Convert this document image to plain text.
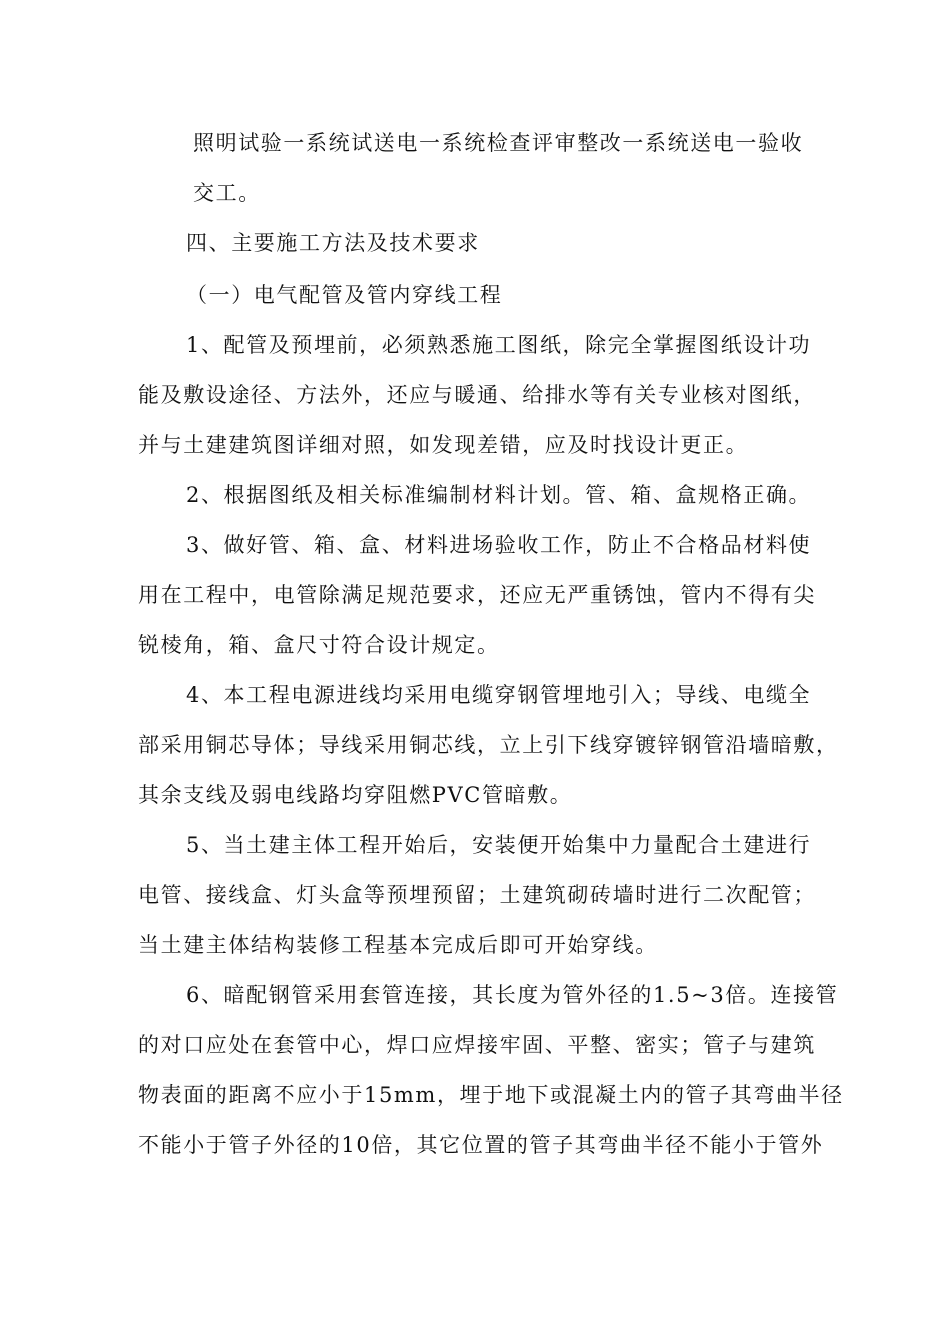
照明试验一系统试送电一系统检查评审整改一系统送电一验收
交工。
四、主要施工方法及技术要求
（一）电气配管及管内穿线工程
1、配管及预埋前，必须熟悉施工图纸，除完全掌握图纸设计功
能及敷设途径、方法外，还应与暖通、给排水等有关专业核对图纸，
并与土建建筑图详细对照，如发现差错，应及时找设计更正。
2、根据图纸及相关标准编制材料计划。管、箱、盒规格正确。
3、做好管、箱、盒、材料进场验收工作，防止不合格品材料使
用在工程中，电管除满足规范要求，还应无严重锈蚀，管内不得有尖
锐棱角，箱、盒尺寸符合设计规定。
4、本工程电源进线均采用电缆穿钢管埋地引入；导线、电缆全
部采用铜芯导体；导线采用铜芯线，立上引下线穿镀锌钢管沿墙暗敷，
其余支线及弱电线路均穿阻燃PVC管暗敷。
5、当土建主体工程开始后，安装便开始集中力量配合土建进行
电管、接线盒、灯头盒等预埋预留；土建筑砌砖墙时进行二次配管；
当土建主体结构装修工程基本完成后即可开始穿线。
6、暗配钢管采用套管连接，其长度为管外径的1.5~3倍。连接管
的对口应处在套管中心，焊口应焊接牢固、平整、密实；管子与建筑
物表面的距离不应小于15mm，埋于地下或混凝土内的管子其弯曲半径
不能小于管子外径的10倍，其它位置的管子其弯曲半径不能小于管外
